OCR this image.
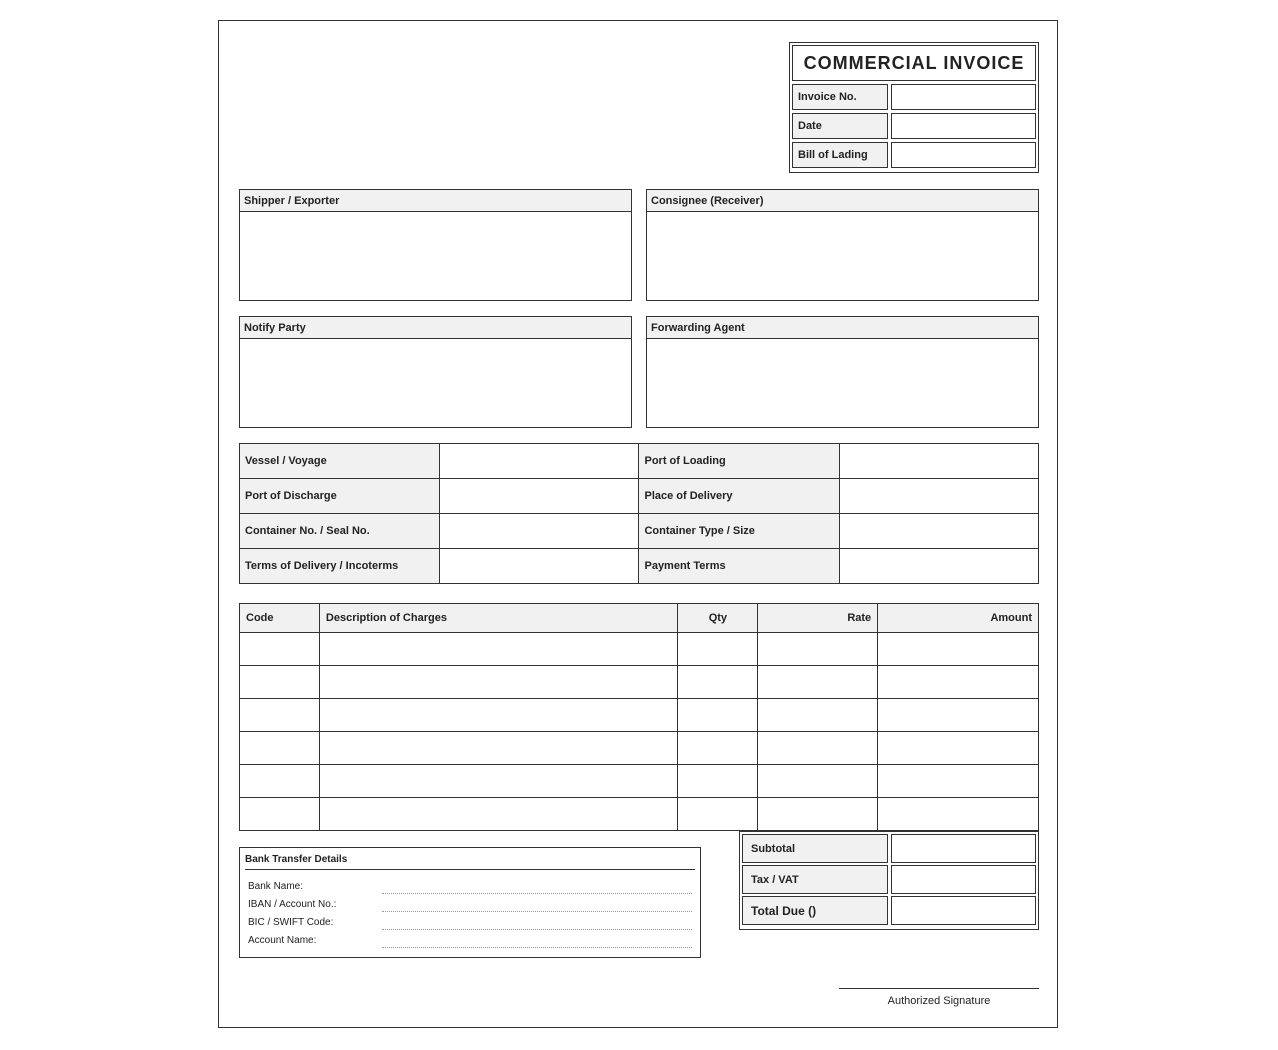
COMMERCIAL INVOICE
Invoice No.
Date
Bill of Lading
Shipper / Exporter	Consignee (Receiver)
Notify Party	Forwarding Agent
Vessel / Voyage		Port of Loading	
Port of Discharge		Place of Delivery	
Container No. / Seal No.		Container Type / Size	
Terms of Delivery / Incoterms		Payment Terms	
Code	Description of Charges	Qty	Rate	Amount

Bank Transfer Details
Bank Name:
IBAN / Account No.:
BIC / SWIFT Code:
Account Name:
Subtotal
Tax / VAT
Total Due ()
Authorized Signature
